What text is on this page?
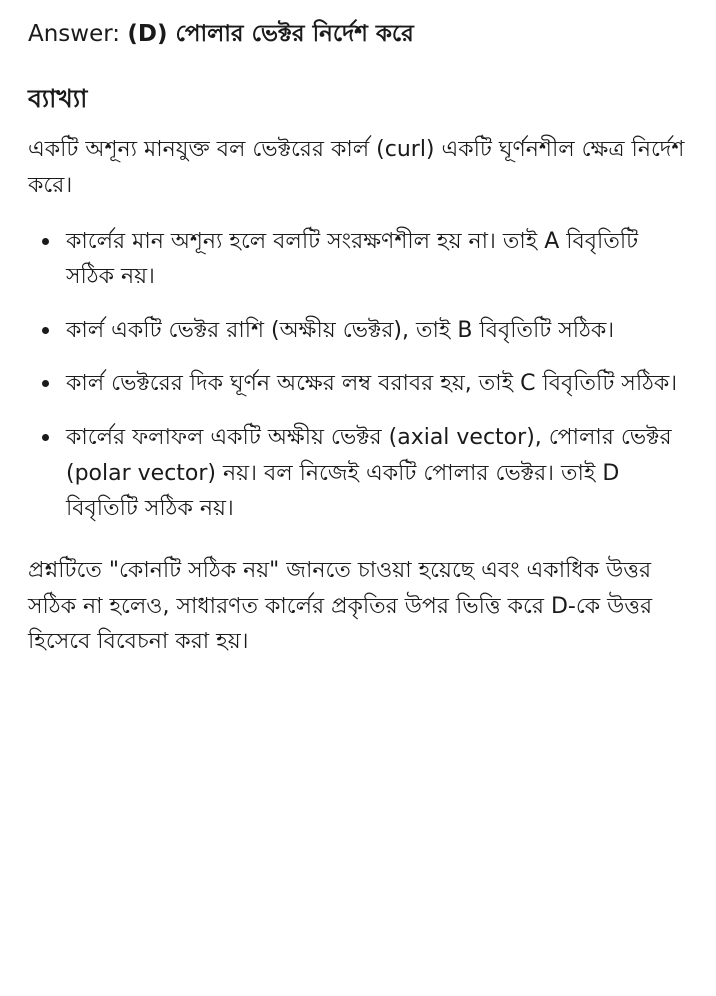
Answer: (D) পোলার ভেক্টর নির্দেশ করে

ব্যাখ্যা

একটি অশূন্য মানযুক্ত বল ভেক্টরের কার্ল (curl) একটি ঘূর্ণনশীল ক্ষেত্র নির্দেশ করে।

কার্লের মান অশূন্য হলে বলটি সংরক্ষণশীল হয় না। তাই A বিবৃতিটি সঠিক নয়।
কার্ল একটি ভেক্টর রাশি (অক্ষীয় ভেক্টর), তাই B বিবৃতিটি সঠিক।
কার্ল ভেক্টরের দিক ঘূর্ণন অক্ষের লম্ব বরাবর হয়, তাই C বিবৃতিটি সঠিক।
কার্লের ফলাফল একটি অক্ষীয় ভেক্টর (axial vector), পোলার ভেক্টর (polar vector) নয়। বল নিজেই একটি পোলার ভেক্টর। তাই D বিবৃতিটি সঠিক নয়।

প্রশ্নটিতে "কোনটি সঠিক নয়" জানতে চাওয়া হয়েছে এবং একাধিক উত্তর সঠিক না হলেও, সাধারণত কার্লের প্রকৃতির উপর ভিত্তি করে D-কে উত্তর হিসেবে বিবেচনা করা হয়।
